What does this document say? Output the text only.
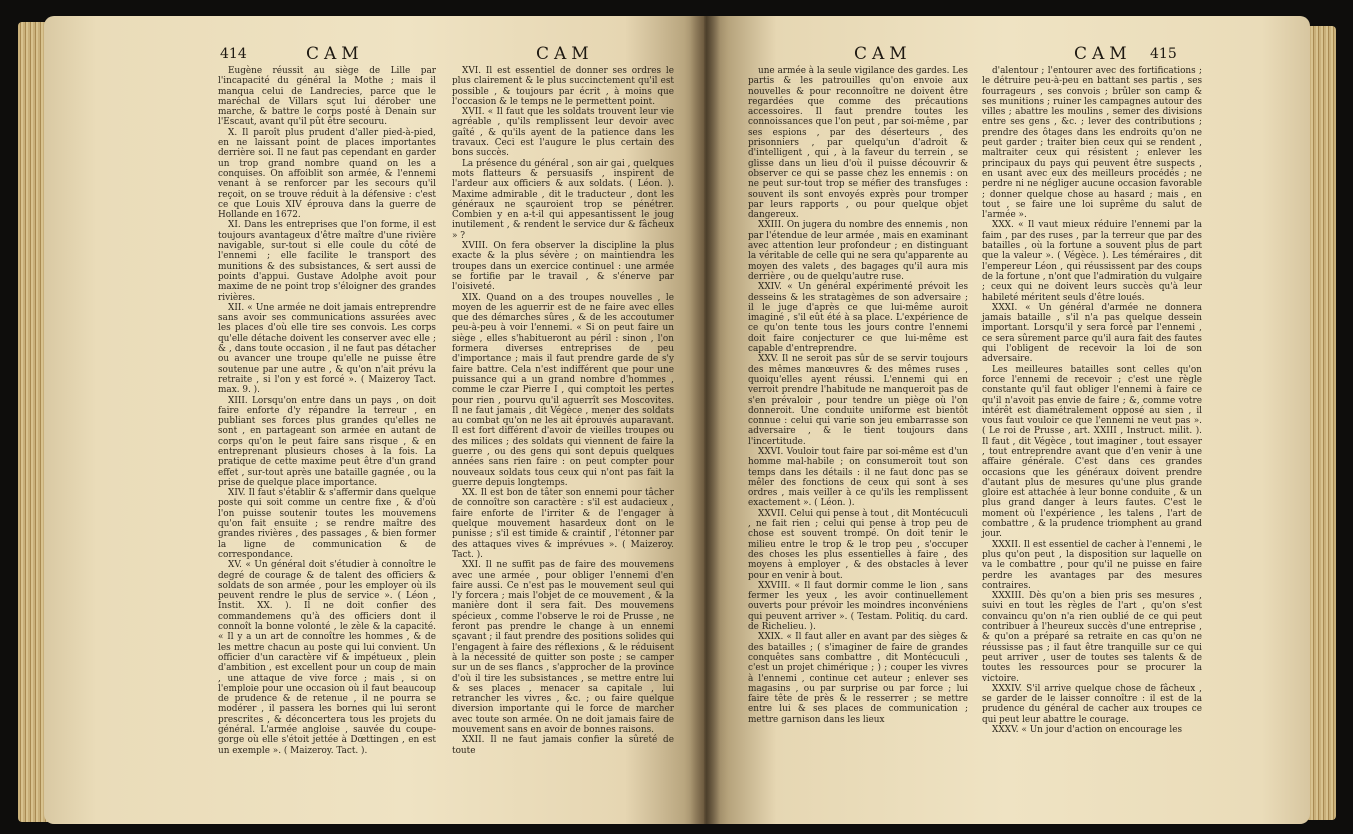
414	CAM	CAM

Eugène réussit au siège de Lille par l'incapacité du général la Mothe ; mais il manqua celui de Landrecies, parce que le maréchal de Villars sçut lui dérober une marche, & battre le corps posté à Denain sur l'Escaut, avant qu'il pût être secouru.

X. Il paroît plus prudent d'aller pied-à-pied, en ne laissant point de places importantes derrière soi. Il ne faut pas cependant en garder un trop grand nombre quand on les a conquises. On affoiblit son armée, & l'ennemi venant à se renforcer par les secours qu'il reçoit, on se trouve réduit à la défensive : c'est ce que Louis XIV éprouva dans la guerre de Hollande en 1672.

XI. Dans les entreprises que l'on forme, il est toujours avantageux d'être maître d'une rivière navigable, sur-tout si elle coule du côté de l'ennemi ; elle facilite le transport des munitions & des subsistances, & sert aussi de points d'appui. Gustave Adolphe avoit pour maxime de ne point trop s'éloigner des grandes rivières.

XII. « Une armée ne doit jamais entreprendre sans avoir ses communications assurées avec les places d'où elle tire ses convois. Les corps qu'elle détache doivent les conserver avec elle ; & , dans toute occasion , il ne faut pas détacher ou avancer une troupe qu'elle ne puisse être soutenue par une autre , & qu'on n'ait prévu la retraite , si l'on y est forcé ». ( Maizeroy Tact. max. 9. ).

XIII. Lorsqu'on entre dans un pays , on doit faire enforte d'y répandre la terreur , en publiant ses forces plus grandes qu'elles ne sont , en partageant son armée en autant de corps qu'on le peut faire sans risque , & en entreprenant plusieurs choses à la fois. La pratique de cette maxime peut être d'un grand effet , sur-tout après une bataille gagnée , ou la prise de quelque place importance.

XIV. Il faut s'établir & s'affermir dans quelque poste qui soit comme un centre fixe , & d'où l'on puisse soutenir toutes les mouvemens qu'on fait ensuite ; se rendre maître des grandes rivières , des passages , & bien former la ligne de communication & de correspondance.

XV. « Un général doit s'étudier à connoître le degré de courage & de talent des officiers & soldats de son armée , pour les employer où ils peuvent rendre le plus de service ». ( Léon , Instit. XX. ). Il ne doit confier des commandemens qu'à des officiers dont il connoît la bonne volonté , le zèle & la capacité. « Il y a un art de connoître les hommes , & de les mettre chacun au poste qui lui convient. Un officier d'un caractère vif & impétueux , plein d'ambition , est excellent pour un coup de main , une attaque de vive force ; mais , si on l'emploie pour une occasion où il faut beaucoup de prudence & de retenue , il ne pourra se modérer , il passera les bornes qui lui seront prescrites , & déconcertera tous les projets du général. L'armée angloise , sauvée du coupe-gorge où elle s'étoit jettée à Dœttingen , en est un exemple ». ( Maizeroy. Tact. ).

XVI. Il est essentiel de donner ses ordres le plus clairement & le plus succinctement qu'il est possible , & toujours par écrit , à moins que l'occasion & le temps ne le permettent point.

XVII. « Il faut que les soldats trouvent leur vie agréable , qu'ils remplissent leur devoir avec gaîté , & qu'ils ayent de la patience dans les travaux. Ceci est l'augure le plus certain des bons succès.

La présence du général , son air gai , quelques mots flatteurs & persuasifs , inspirent de l'ardeur aux officiers & aux soldats. ( Léon. ). Maxime admirable , dit le traducteur , dont les généraux ne sçauroient trop se pénétrer. Combien y en a-t-il qui appesantissent le joug inutilement , & rendent le service dur & fâcheux » ?

XVIII. On fera observer la discipline la plus exacte & la plus sévère ; on maintiendra les troupes dans un exercice continuel : une armée se fortifie par le travail , & s'énerve par l'oisiveté.

XIX. Quand on a des troupes nouvelles , le moyen de les aguerrir est de ne faire avec elles que des démarches sûres , & de les accoutumer peu-à-peu à voir l'ennemi. « Si on peut faire un siège , elles s'habitueront au péril : sinon , l'on formera diverses entreprises de peu d'importance ; mais il faut prendre garde de s'y faire battre. Cela n'est indifférent que pour une puissance qui a un grand nombre d'hommes , comme le czar Pierre I , qui comptoit les pertes pour rien , pourvu qu'il aguerrît ses Moscovites. Il ne faut jamais , dit Végèce , mener des soldats au combat qu'on ne les ait éprouvés auparavant. Il est fort différent d'avoir de vieilles troupes ou des milices ; des soldats qui viennent de faire la guerre , ou des gens qui sont depuis quelques années sans rien faire : on peut compter pour nouveaux soldats tous ceux qui n'ont pas fait la guerre depuis longtemps.

XX. Il est bon de tâter son ennemi pour tâcher de connoître son caractère : s'il est audacieux , faire enforte de l'irriter & de l'engager à quelque mouvement hasardeux dont on le punisse ; s'il est timide & craintif , l'étonner par des attaques vives & imprévues ». ( Maizeroy. Tact. ).

XXI. Il ne suffit pas de faire des mouvemens avec une armée , pour obliger l'ennemi d'en faire aussi. Ce n'est pas le mouvement seul qui l'y forcera ; mais l'objet de ce mouvement , & la manière dont il sera fait. Des mouvemens spécieux , comme l'observe le roi de Prusse , ne feront pas prendre le change à un ennemi sçavant ; il faut prendre des positions solides qui l'engagent à faire des réflexions , & le réduisent à la nécessité de quitter son poste ; se camper sur un de ses flancs , s'approcher de la province d'où il tire les subsistances , se mettre entre lui & ses places , menacer sa capitale , lui retrancher les vivres , &c. ; ou faire quelque diversion importante qui le force de marcher avec toute son armée. On ne doit jamais faire de mouvement sans en avoir de bonnes raisons.

XXII. Il ne faut jamais confier la sûreté de toute

CAM	CAM 415

une armée à la seule vigilance des gardes. Les partis & les patrouilles qu'on envoie aux nouvelles & pour reconnoître ne doivent être regardées que comme des précautions accessoires. Il faut prendre toutes les connoissances que l'on peut , par soi-même , par ses espions , par des déserteurs , des prisonniers , par quelqu'un d'adroit & d'intelligent , qui , à la faveur du terrein , se glisse dans un lieu d'où il puisse découvrir & observer ce qui se passe chez les ennemis : on ne peut sur-tout trop se méfier des transfuges : souvent ils sont envoyés exprès pour tromper par leurs rapports , ou pour quelque objet dangereux.

XXIII. On jugera du nombre des ennemis , non par l'étendue de leur armée , mais en examinant avec attention leur profondeur ; en distinguant la véritable de celle qui ne sera qu'apparente au moyen des valets , des bagages qu'il aura mis derrière , ou de quelqu'autre ruse.

XXIV. « Un général expérimenté prévoit les desseins & les stratagèmes de son adversaire ; il le juge d'après ce que lui-même auroit imaginé , s'il eût été à sa place. L'expérience de ce qu'on tente tous les jours contre l'ennemi doit faire conjecturer ce que lui-même est capable d'entreprendre.

XXV. Il ne seroit pas sûr de se servir toujours des mêmes manœuvres & des mêmes ruses , quoiqu'elles ayent réussi. L'ennemi qui en verroit prendre l'habitude ne manqueroit pas de s'en prévaloir , pour tendre un piège où l'on donneroit. Une conduite uniforme est bientôt connue : celui qui varie son jeu embarrasse son adversaire , & le tient toujours dans l'incertitude.

XXVI. Vouloir tout faire par soi-même est d'un homme mal-habile ; on consumeroit tout son temps dans les détails : il ne faut donc pas se mêler des fonctions de ceux qui sont à ses ordres , mais veiller à ce qu'ils les remplissent exactement ». ( Léon. ).

XXVII. Celui qui pense à tout , dit Montécuculi , ne fait rien ; celui qui pense à trop peu de chose est souvent trompé. On doit tenir le milieu entre le trop & le trop peu , s'occuper des choses les plus essentielles à faire , des moyens à employer , & des obstacles à lever pour en venir à bout.

XXVIII. « Il faut dormir comme le lion , sans fermer les yeux , les avoir continuellement ouverts pour prévoir les moindres inconvéniens qui peuvent arriver ». ( Testam. Politiq. du card. de Richelieu. ).

XXIX. « Il faut aller en avant par des sièges & des batailles ; ( s'imaginer de faire de grandes conquêtes sans combattre , dit Montécuculi , c'est un projet chimérique ; ) ; couper les vivres à l'ennemi , continue cet auteur ; enlever ses magasins , ou par surprise ou par force ; lui faire tête de près & le resserrer ; se mettre entre lui & ses places de communication ; mettre garnison dans les lieux

d'alentour ; l'entourer avec des fortifications ; le détruire peu-à-peu en battant ses partis , ses fourrageurs , ses convois ; brûler son camp & ses munitions ; ruiner les campagnes autour des villes ; abattre les moulins , semer des divisions entre ses gens , &c. ; lever des contributions ; prendre des ôtages dans les endroits qu'on ne peut garder ; traiter bien ceux qui se rendent , maltraiter ceux qui résistent ; enlever les principaux du pays qui peuvent être suspects , en usant avec eux des meilleurs procédés ; ne perdre ni ne négliger aucune occasion favorable ; donner quelque chose au hasard ; mais , en tout , se faire une loi suprême du salut de l'armée ».

XXX. « Il vaut mieux réduire l'ennemi par la faim , par des ruses , par la terreur que par des batailles , où la fortune a souvent plus de part que la valeur ». ( Végèce. ). Les téméraires , dit l'empereur Léon , qui réussissent par des coups de la fortune , n'ont que l'admiration du vulgaire ; ceux qui ne doivent leurs succès qu'à leur habileté méritent seuls d'être loués.

XXXI. « Un général d'armée ne donnera jamais bataille , s'il n'a pas quelque dessein important. Lorsqu'il y sera forcé par l'ennemi , ce sera sûrement parce qu'il aura fait des fautes qui l'obligent de recevoir la loi de son adversaire.

Les meilleures batailles sont celles qu'on force l'ennemi de recevoir ; c'est une règle constante qu'il faut obliger l'ennemi à faire ce qu'il n'avoit pas envie de faire ; &, comme votre intérêt est diamétralement opposé au sien , il vous faut vouloir ce que l'ennemi ne veut pas ». ( Le roi de Prusse , art. XXIII , Instruct. milit. ). Il faut , dit Végèce , tout imaginer , tout essayer , tout entreprendre avant que d'en venir à une affaire générale. C'est dans ces grandes occasions que les généraux doivent prendre d'autant plus de mesures qu'une plus grande gloire est attachée à leur bonne conduite , & un plus grand danger à leurs fautes. C'est le moment où l'expérience , les talens , l'art de combattre , & la prudence triomphent au grand jour.

XXXII. Il est essentiel de cacher à l'ennemi , le plus qu'on peut , la disposition sur laquelle on va le combattre , pour qu'il ne puisse en faire perdre les avantages par des mesures contraires.

XXXIII. Dès qu'on a bien pris ses mesures , suivi en tout les règles de l'art , qu'on s'est convaincu qu'on n'a rien oublié de ce qui peut contribuer à l'heureux succès d'une entreprise , & qu'on a préparé sa retraite en cas qu'on ne réussisse pas ; il faut être tranquille sur ce qui peut arriver , user de toutes ses talents & de toutes les ressources pour se procurer la victoire.

XXXIV. S'il arrive quelque chose de fâcheux , se garder de le laisser connoître : il est de la prudence du général de cacher aux troupes ce qui peut leur abattre le courage.

XXXV. « Un jour d'action on encourage les
